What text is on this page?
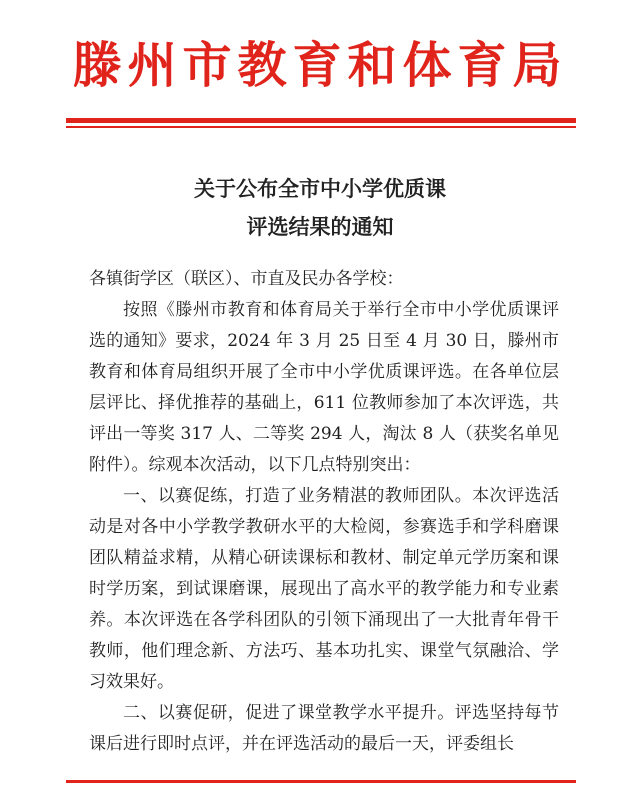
滕州市教育和体育局
关于公布全市中小学优质课
评选结果的通知

各镇街学区（联区）、市直及民办各学校：

按照《滕州市教育和体育局关于举行全市中小学优质课评选的通知》要求，2024 年 3 月 25 日至 4 月 30 日，滕州市教育和体育局组织开展了全市中小学优质课评选。在各单位层层评比、择优推荐的基础上，611 位教师参加了本次评选，共评出一等奖 317 人、二等奖 294 人，淘汰 8 人（获奖名单见附件）。综观本次活动，以下几点特别突出：

一、以赛促练，打造了业务精湛的教师团队。本次评选活动是对各中小学教学教研水平的大检阅，参赛选手和学科磨课团队精益求精，从精心研读课标和教材、制定单元学历案和课时学历案，到试课磨课，展现出了高水平的教学能力和专业素养。本次评选在各学科团队的引领下涌现出了一大批青年骨干教师，他们理念新、方法巧、基本功扎实、课堂气氛融洽、学习效果好。

二、以赛促研，促进了课堂教学水平提升。评选坚持每节课后进行即时点评，并在评选活动的最后一天，评委组长
